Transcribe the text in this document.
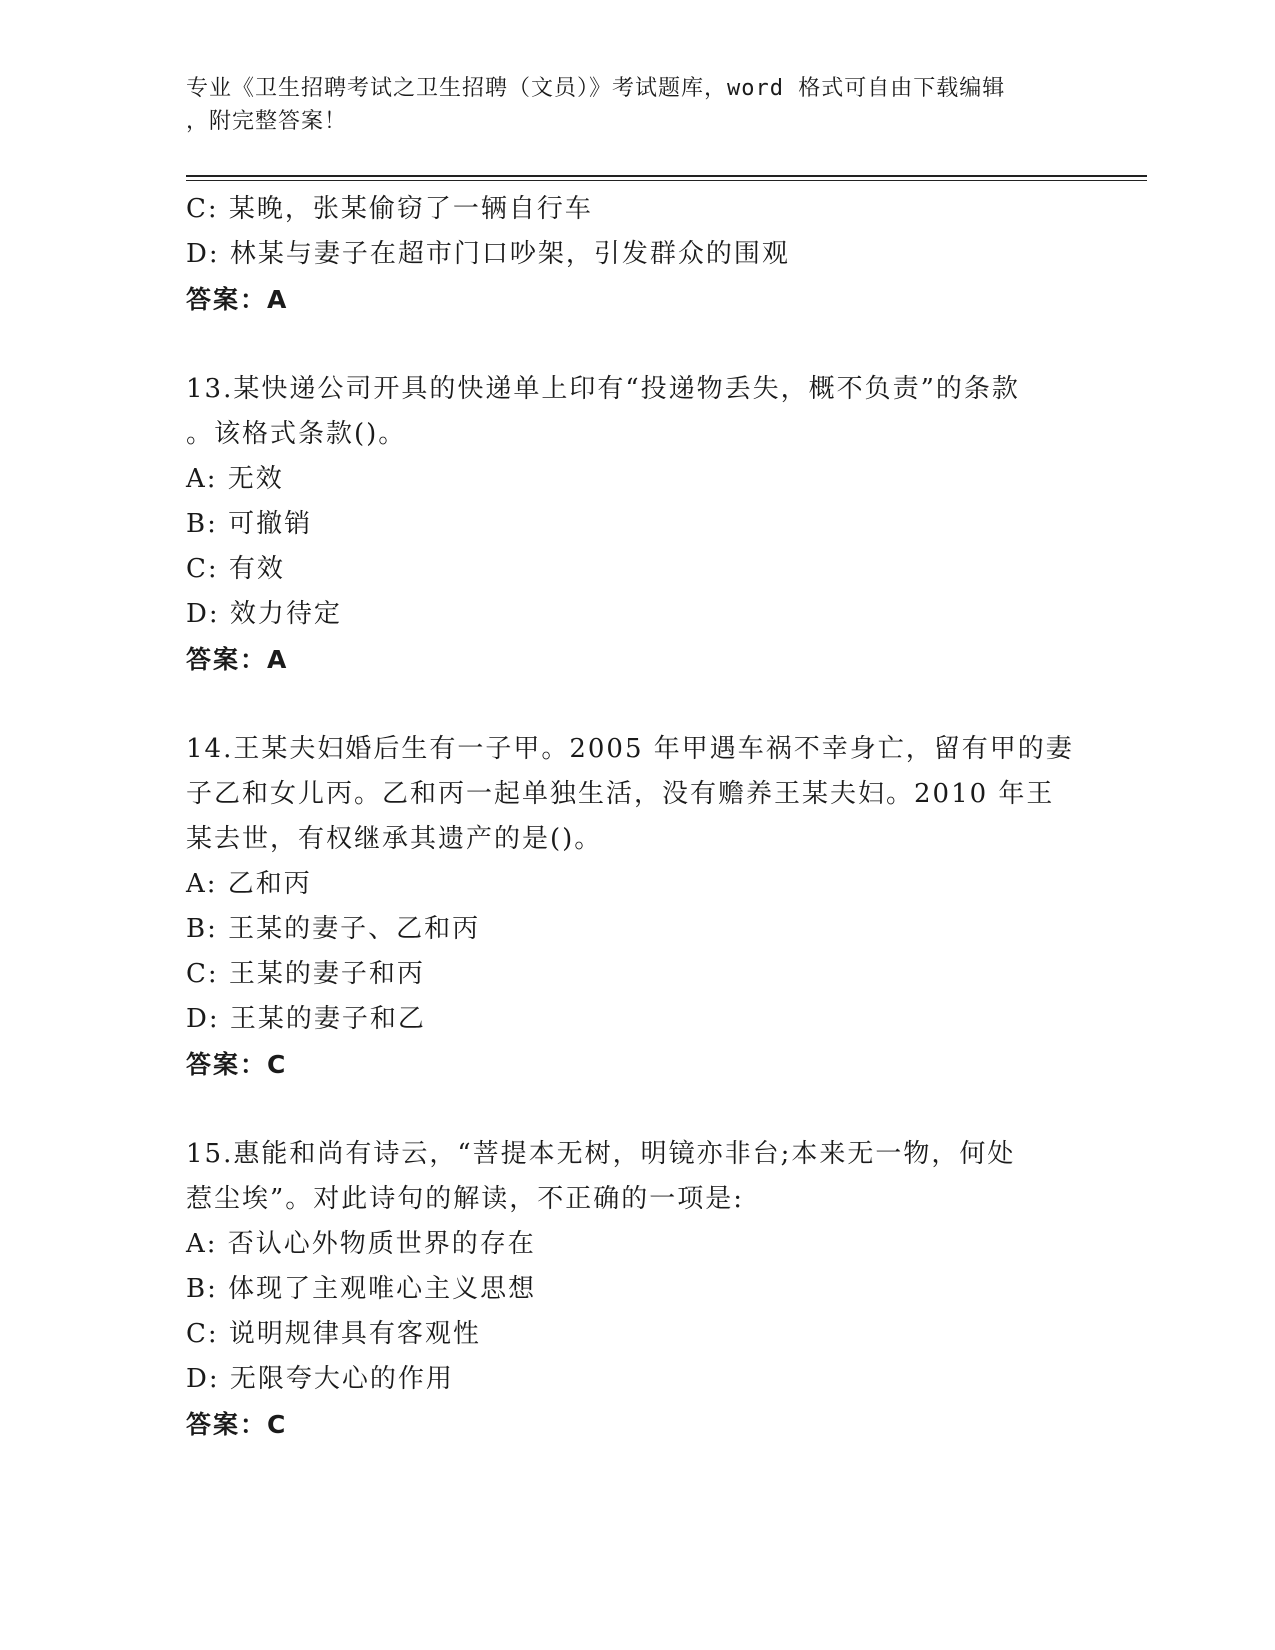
专业《卫生招聘考试之卫生招聘（文员）》考试题库，word 格式可自由下载编辑
，附完整答案！
C: 某晚，张某偷窃了一辆自行车
D: 林某与妻子在超市门口吵架，引发群众的围观
答案：A
13.某快递公司开具的快递单上印有“投递物丢失，概不负责”的条款
。该格式条款()。
A: 无效
B: 可撤销
C: 有效
D: 效力待定
答案：A
14.王某夫妇婚后生有一子甲。2005 年甲遇车祸不幸身亡，留有甲的妻
子乙和女儿丙。乙和丙一起单独生活，没有赡养王某夫妇。2010 年王
某去世，有权继承其遗产的是()。
A: 乙和丙
B: 王某的妻子、乙和丙
C: 王某的妻子和丙
D: 王某的妻子和乙
答案：C
15.惠能和尚有诗云，“菩提本无树，明镜亦非台;本来无一物，何处
惹尘埃”。对此诗句的解读，不正确的一项是:
A: 否认心外物质世界的存在
B: 体现了主观唯心主义思想
C: 说明规律具有客观性
D: 无限夸大心的作用
答案：C
